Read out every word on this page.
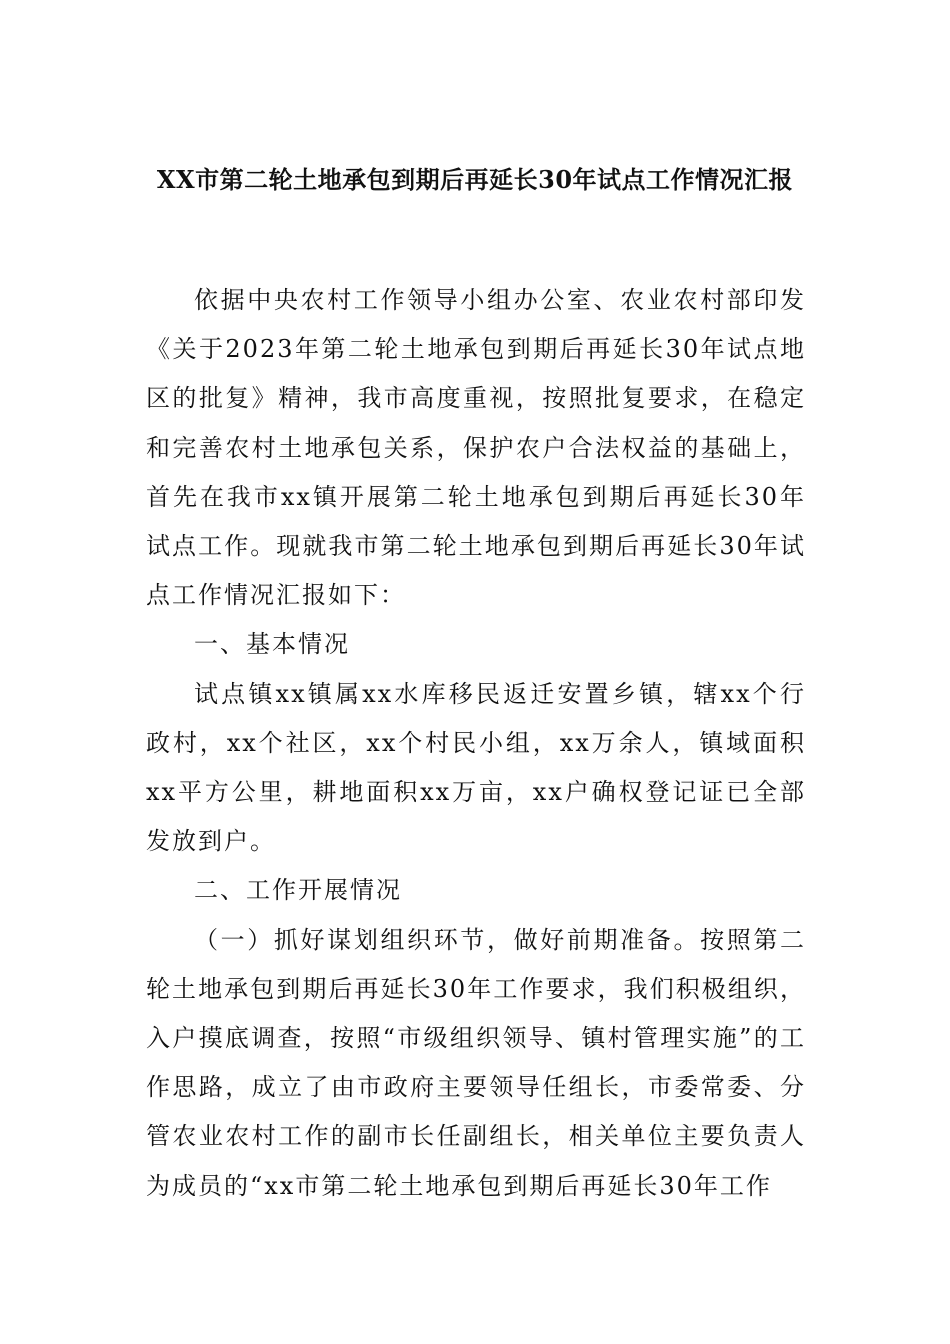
XX市第二轮土地承包到期后再延长30年试点工作情况汇报

依据中央农村工作领导小组办公室、农业农村部印发《关于2023年第二轮土地承包到期后再延长30年试点地区的批复》精神，我市高度重视，按照批复要求，在稳定和完善农村土地承包关系，保护农户合法权益的基础上，首先在我市xx镇开展第二轮土地承包到期后再延长30年试点工作。现就我市第二轮土地承包到期后再延长30年试点工作情况汇报如下：

一、基本情况

试点镇xx镇属xx水库移民返迁安置乡镇，辖xx个行政村，xx个社区，xx个村民小组，xx万余人，镇域面积xx平方公里，耕地面积xx万亩，xx户确权登记证已全部发放到户。

二、工作开展情况

（一）抓好谋划组织环节，做好前期准备。按照第二轮土地承包到期后再延长30年工作要求，我们积极组织，入户摸底调查，按照“市级组织领导、镇村管理实施”的工作思路，成立了由市政府主要领导任组长，市委常委、分管农业农村工作的副市长任副组长，相关单位主要负责人为成员的“xx市第二轮土地承包到期后再延长30年工作
